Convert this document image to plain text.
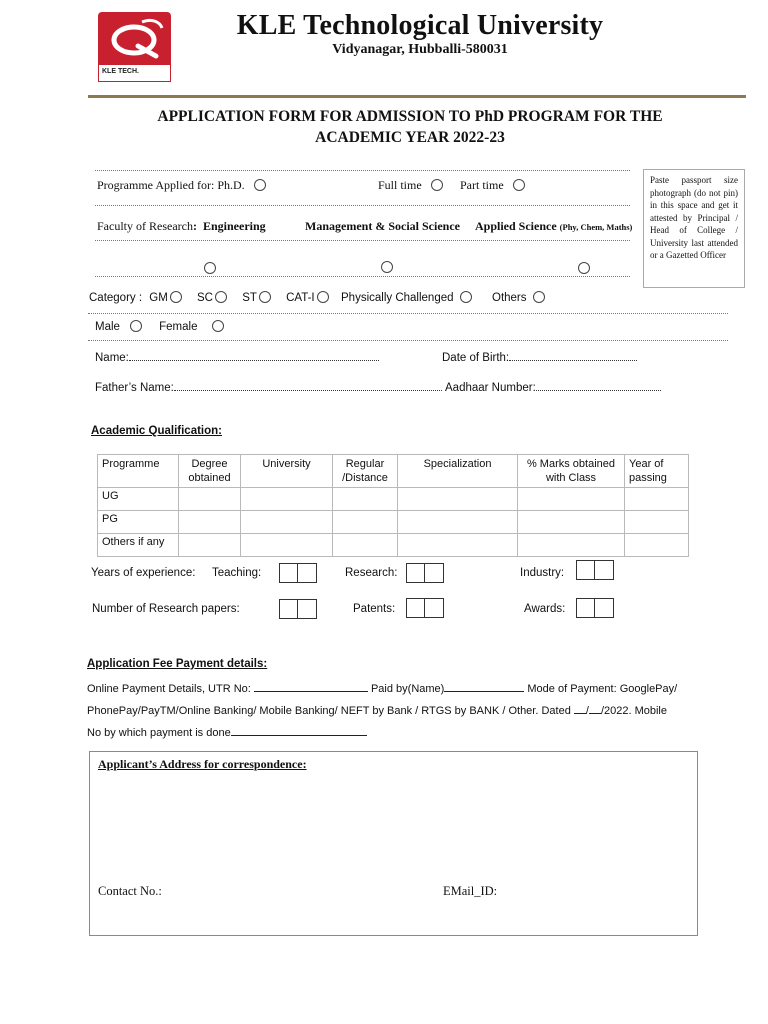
KLE TECH.
KLE Technological University
Vidyanagar, Hubballi-580031
APPLICATION FORM FOR ADMISSION TO PhD PROGRAM FOR THE
ACADEMIC YEAR 2022-23
Programme Applied for: Ph.D.	Full time	Part time
Faculty of Research: Engineering	Management & Social Science Applied Science (Phy, Chem, Maths)

Paste passport size photograph (do not pin) in this space and get it attested by Principal / Head of College / University last attended or a Gazetted Officer
Category : GM	SC	ST	CAT-I	Physically Challenged	Others
Male	Female
Name:	Date of Birth:
Father’s Name:	Aadhaar Number:
Academic Qualification:
Programme	Degree obtained	University	Regular /Distance	Specialization	% Marks obtained with Class	Year of passing
UG						
PG						
Others if any						
Years of experience: Teaching:	Research:	Industry:
Number of Research papers:	Patents:	Awards:
Application Fee Payment details:
Online Payment Details, UTR No:	Paid by(Name)	Mode of Payment: GooglePay/
PhonePay/PayTM/Online Banking/ Mobile Banking/ NEFT by Bank / RTGS by BANK / Other. Dated / /2022. Mobile
No by which payment is done
Applicant’s Address for correspondence:
Contact No.:	EMail_ID:
